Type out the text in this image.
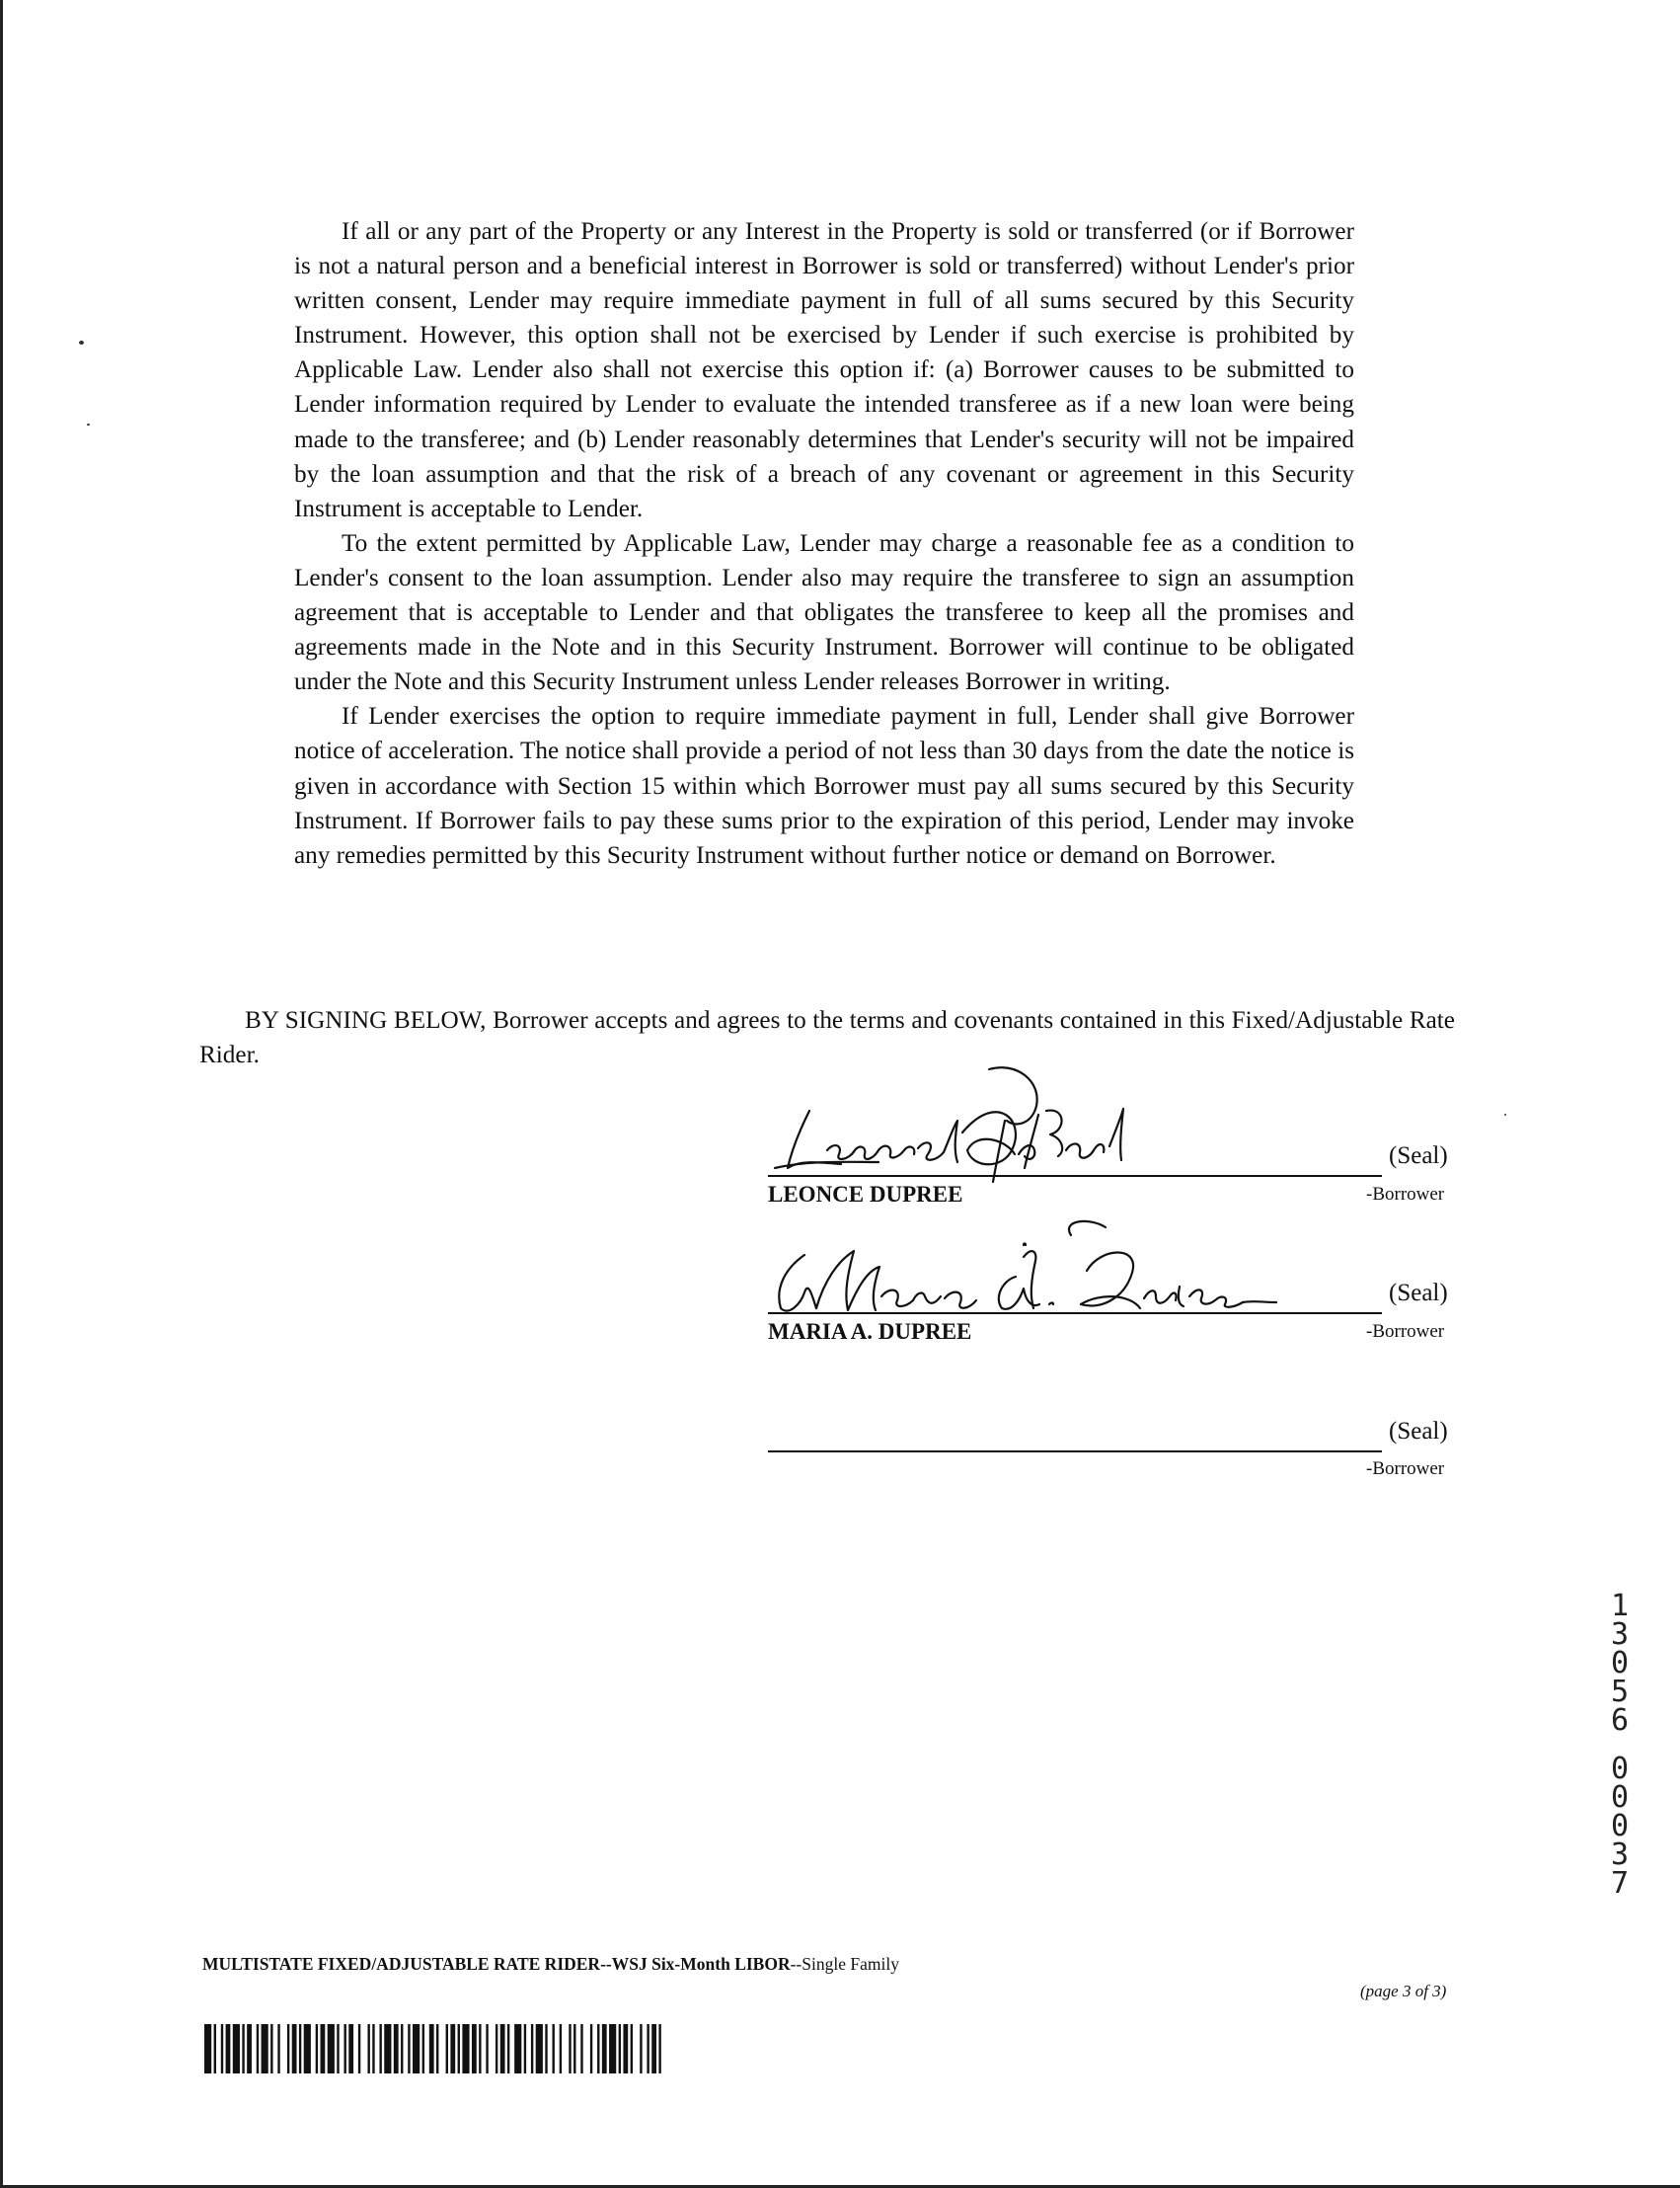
If all or any part of the Property or any Interest in the Property is sold or transferred (or if Borrower is not a natural person and a beneficial interest in Borrower is sold or transferred) without Lender's prior written consent, Lender may require immediate payment in full of all sums secured by this Security Instrument. However, this option shall not be exercised by Lender if such exercise is prohibited by Applicable Law. Lender also shall not exercise this option if: (a) Borrower causes to be submitted to Lender information required by Lender to evaluate the intended transferee as if a new loan were being made to the transferee; and (b) Lender reasonably determines that Lender's security will not be impaired by the loan assumption and that the risk of a breach of any covenant or agreement in this Security Instrument is acceptable to Lender.

To the extent permitted by Applicable Law, Lender may charge a reasonable fee as a condition to Lender's consent to the loan assumption. Lender also may require the transferee to sign an assumption agreement that is acceptable to Lender and that obligates the transferee to keep all the promises and agreements made in the Note and in this Security Instrument. Borrower will continue to be obligated under the Note and this Security Instrument unless Lender releases Borrower in writing.

If Lender exercises the option to require immediate payment in full, Lender shall give Borrower notice of acceleration. The notice shall provide a period of not less than 30 days from the date the notice is given in accordance with Section 15 within which Borrower must pay all sums secured by this Security Instrument. If Borrower fails to pay these sums prior to the expiration of this period, Lender may invoke any remedies permitted by this Security Instrument without further notice or demand on Borrower.

BY SIGNING BELOW, Borrower accepts and agrees to the terms and covenants contained in this Fixed/Adjustable Rate Rider.

LEONCE DUPREE
(Seal)
-Borrower
MARIA A. DUPREE
(Seal)
-Borrower
(Seal)
-Borrower
1
3
0
5
6
0
0
0
3
7
MULTISTATE FIXED/ADJUSTABLE RATE RIDER--WSJ Six-Month LIBOR--Single Family
(page 3 of 3)
